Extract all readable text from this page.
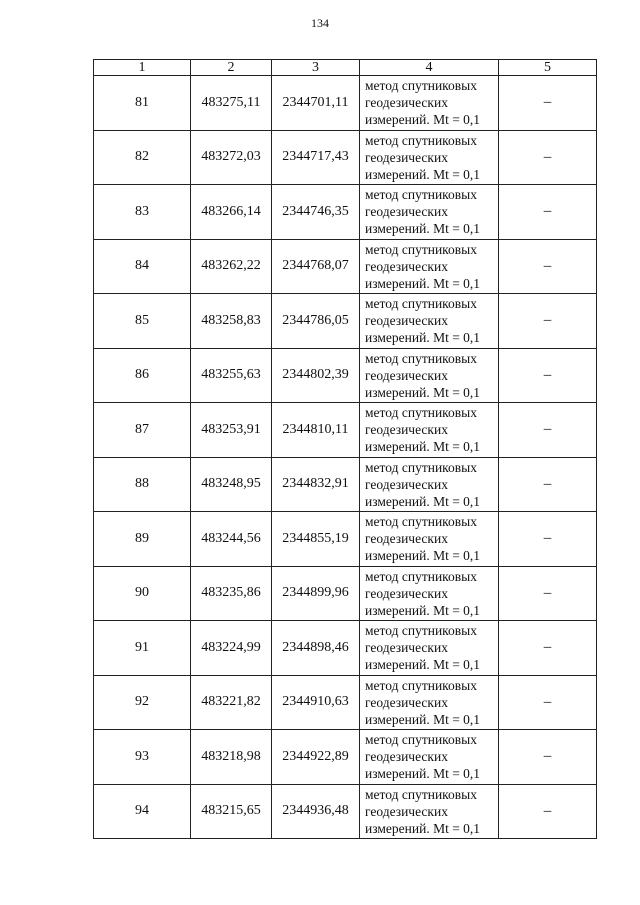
134
1	2	3	4	5
81	483275,11	2344701,11	метод спутниковых
геодезических
измерений. Mt = 0,1	–
82	483272,03	2344717,43	метод спутниковых
геодезических
измерений. Mt = 0,1	–
83	483266,14	2344746,35	метод спутниковых
геодезических
измерений. Mt = 0,1	–
84	483262,22	2344768,07	метод спутниковых
геодезических
измерений. Mt = 0,1	–
85	483258,83	2344786,05	метод спутниковых
геодезических
измерений. Mt = 0,1	–
86	483255,63	2344802,39	метод спутниковых
геодезических
измерений. Mt = 0,1	–
87	483253,91	2344810,11	метод спутниковых
геодезических
измерений. Mt = 0,1	–
88	483248,95	2344832,91	метод спутниковых
геодезических
измерений. Mt = 0,1	–
89	483244,56	2344855,19	метод спутниковых
геодезических
измерений. Mt = 0,1	–
90	483235,86	2344899,96	метод спутниковых
геодезических
измерений. Mt = 0,1	–
91	483224,99	2344898,46	метод спутниковых
геодезических
измерений. Mt = 0,1	–
92	483221,82	2344910,63	метод спутниковых
геодезических
измерений. Mt = 0,1	–
93	483218,98	2344922,89	метод спутниковых
геодезических
измерений. Mt = 0,1	–
94	483215,65	2344936,48	метод спутниковых
геодезических
измерений. Mt = 0,1	–
